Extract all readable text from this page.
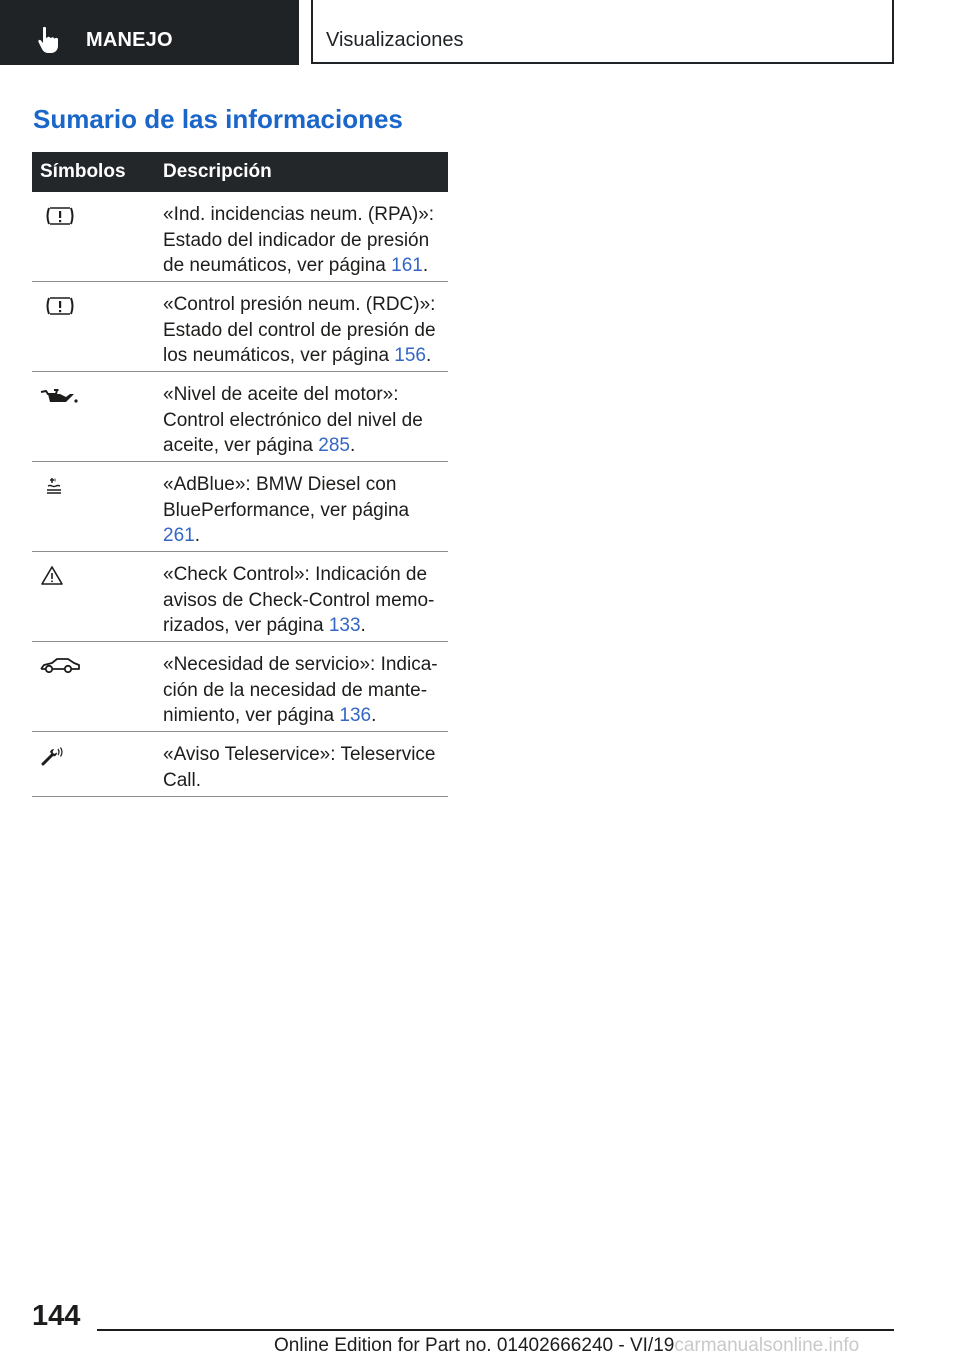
MANEJO	Visualizaciones
Sumario de las informaciones
Símbolos	Descripción
«Ind. incidencias neum. (RPA)»: Estado del indicador de presión de neumáticos, ver página 161.
«Control presión neum. (RDC)»: Estado del control de presión de los neumáticos, ver página 156.
«Nivel de aceite del motor»: Control electrónico del nivel de aceite, ver página 285.
«AdBlue»: BMW Diesel con BluePerformance, ver página 261.
«Check Control»: Indicación de avisos de Check-Control memorizados, ver página 133.
«Necesidad de servicio»: Indicación de la necesidad de mantenimiento, ver página 136.
«Aviso Teleservice»: Teleservice Call.
144
Online Edition for Part no. 01402666240 - VI/19carmanualsonline.info
